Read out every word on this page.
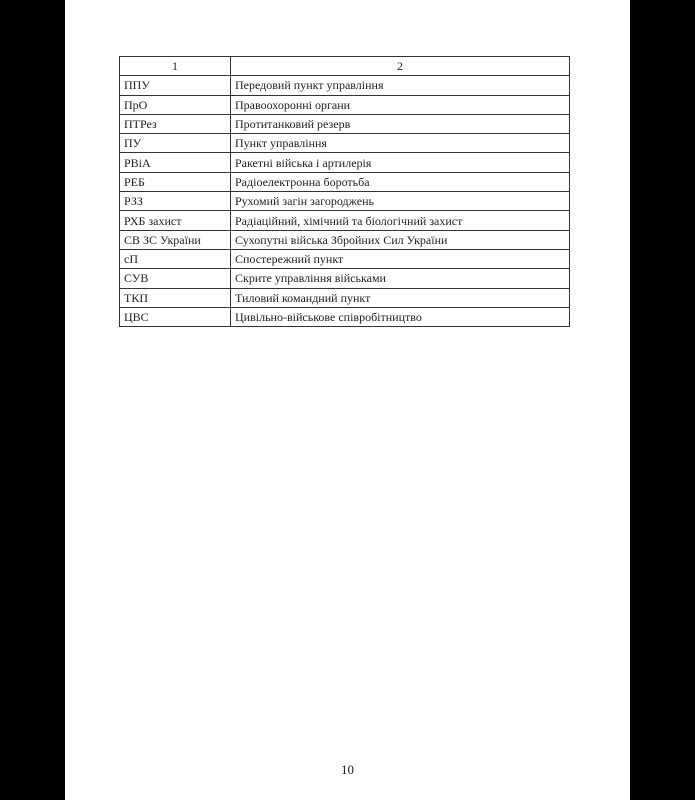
1	2
ППУ	Передовий пункт управління
ПрО	Правоохоронні органи
ПТРез	Протитанковий резерв
ПУ	Пункт управління
РВіА	Ракетні війська і артилерія
РЕБ	Радіоелектронна боротьба
РЗЗ	Рухомий загін загороджень
РХБ захист	Радіаційний, хімічний та біологічний захист
СВ ЗС України	Сухопутні війська Збройних Сил України
сП	Спостережний пункт
СУВ	Скрите управління військами
ТКП	Тиловий командний пункт
ЦВС	Цивільно-військове співробітництво
10
